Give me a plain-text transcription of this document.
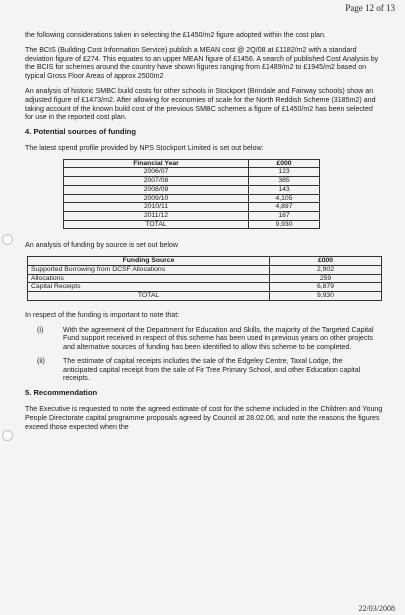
Page 12 of 13

the following considerations taken in selecting the £1450/m2 figure adopted within the cost plan.

The BCIS (Building Cost Information Service) publish a MEAN cost @ 2Q/08 at £1182/m2 with a standard deviation figure of £274. This equates to an upper MEAN figure of £1456. A search of published Cost Analysis by the BCIS for schemes around the country have shown figures ranging from £1489/m2 to £1945/m2 based on typical Gross Floor Areas of approx 2500m2

An analysis of historic SMBC build costs for other schools in Stockport (Brindale and Fairway schools) show an adjusted figure of £1473/m2. After allowing for economies of scale for the North Reddish Scheme (3185m2) and taking account of the known build cost of the previous SMBC schemes a figure of £1450/m2 has been selected for use in the reported cost plan.

4. Potential sources of funding

The latest spend profile provided by NPS Stockport Limited is set out below:

Financial Year	£000
2006/07	123
2007/08	385
2008/09	143
2009/10	4,105
2010/11	4,897
2011/12	187
TOTAL	9,930

An analysis of funding by source is set out below

Funding Source	£000
Supported Borrowing from DCSF Allocations	2,902
Allocations	259
Capital Receipts	6,879
TOTAL	9,930

In respect of the funding is important to note that:

(i)	With the agreement of the Department for Education and Skills, the majority of the Targeted Capital Fund support received in respect of this scheme has been used in previous years on other projects and alternative sources of funding has been identified to allow this scheme to be completed.
(ii)	The estimate of capital receipts includes the sale of the Edgeley Centre, Taxal Lodge, the anticipated capital receipt from the sale of Fir Tree Primary School, and other Education capital receipts.
5. Recommendation

The Executive is requested to note the agreed estimate of cost for the scheme included in the Children and Young People Directorate capital programme proposals agreed by Council at 28.02.06, and note the reasons the figures exceed those expected when the

22/03/2008
